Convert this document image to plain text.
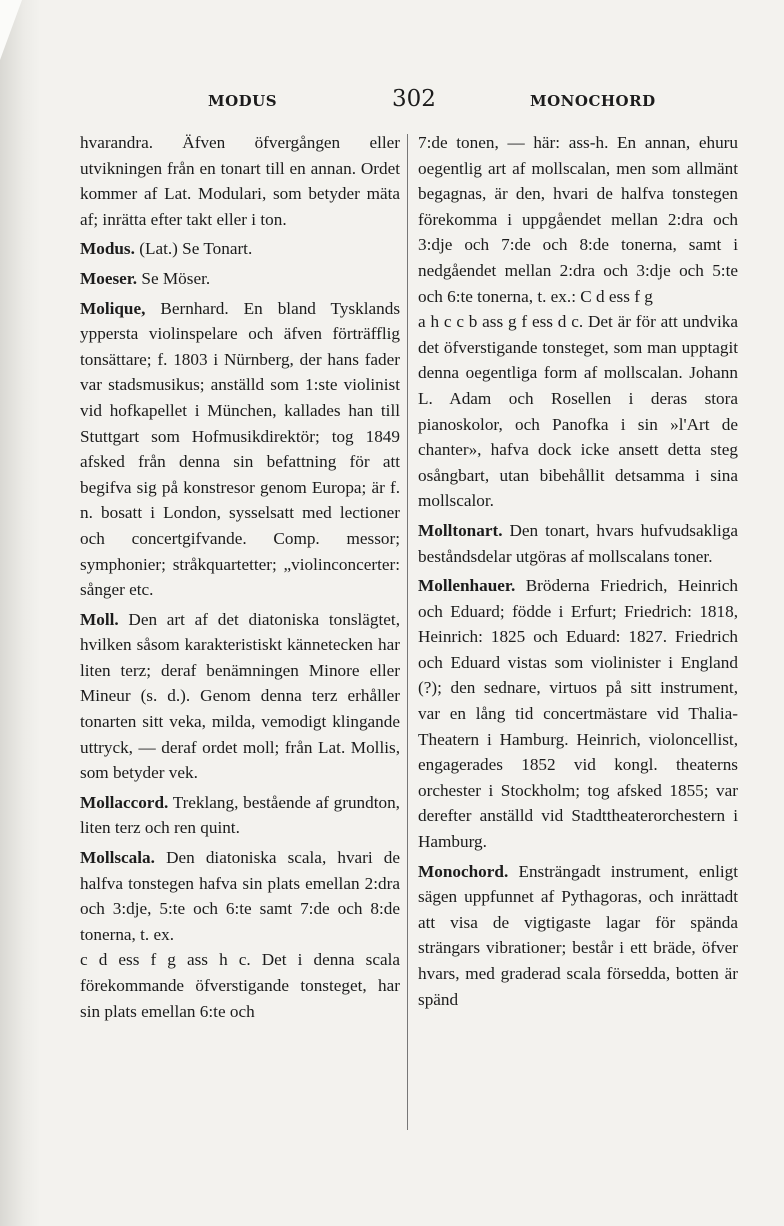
MODUS	302	MONOCHORD

hvarandra. Äfven öfvergången eller utvikningen från en tonart till en annan. Ordet kommer af Lat. Modulari, som betyder mäta af; inrätta efter takt eller i ton.

Modus. (Lat.) Se Tonart.

Moeser. Se Möser.

Molique, Bernhard. En bland Tysklands yppersta violinspelare och äfven förträfflig tonsättare; f. 1803 i Nürnberg, der hans fader var stadsmusikus; anställd som 1:ste violinist vid hofkapellet i München, kallades han till Stuttgart som Hofmusikdirektör; tog 1849 afsked från denna sin befattning för att begifva sig på konstresor genom Europa; är f. n. bosatt i London, sysselsatt med lectioner och concertgifvande. Comp. messor; symphonier; stråkquartetter; „violinconcerter: sånger etc.

Moll. Den art af det diatoniska tonslägtet, hvilken såsom karakteristiskt kännetecken har liten terz; deraf benämningen Minore eller Mineur (s. d.). Genom denna terz erhåller tonarten sitt veka, milda, vemodigt klingande uttryck, — deraf ordet moll; från Lat. Mollis, som betyder vek.

Mollaccord. Treklang, bestående af grundton, liten terz och ren quint.

Mollscala. Den diatoniska scala, hvari de halfva tonstegen hafva sin plats emellan 2:dra och 3:dje, 5:te och 6:te samt 7:de och 8:de tonerna, t. ex.

c d ess f g ass h c. Det i denna scala förekommande öfverstigande tonsteget, har sin plats emellan 6:te och

7:de tonen, — här: ass-h. En annan, ehuru oegentlig art af mollscalan, men som allmänt begagnas, är den, hvari de halfva tonstegen förekomma i uppgåendet mellan 2:dra och 3:dje och 7:de och 8:de tonerna, samt i nedgåendet mellan 2:dra och 3:dje och 5:te och 6:te tonerna, t. ex.: C d ess f g

a h c c b ass g f ess d c. Det är för att undvika det öfverstigande tonsteget, som man upptagit denna oegentliga form af mollscalan. Johann L. Adam och Rosellen i deras stora pianoskolor, och Panofka i sin »l'Art de chanter», hafva dock icke ansett detta steg osångbart, utan bibehållit detsamma i sina mollscalor.

Molltonart. Den tonart, hvars hufvudsakliga beståndsdelar utgöras af mollscalans toner.

Mollenhauer. Bröderna Friedrich, Heinrich och Eduard; födde i Erfurt; Friedrich: 1818, Heinrich: 1825 och Eduard: 1827. Friedrich och Eduard vistas som violinister i England (?); den sednare, virtuos på sitt instrument, var en lång tid concertmästare vid Thalia-Theatern i Hamburg. Heinrich, violoncellist, engagerades 1852 vid kongl. theaterns orchester i Stockholm; tog afsked 1855; var derefter anställd vid Stadttheaterorchestern i Hamburg.

Monochord. Ensträngadt instrument, enligt sägen uppfunnet af Pythagoras, och inrättadt att visa de vigtigaste lagar för spända strängars vibrationer; består i ett bräde, öfver hvars, med graderad scala försedda, botten är spänd
